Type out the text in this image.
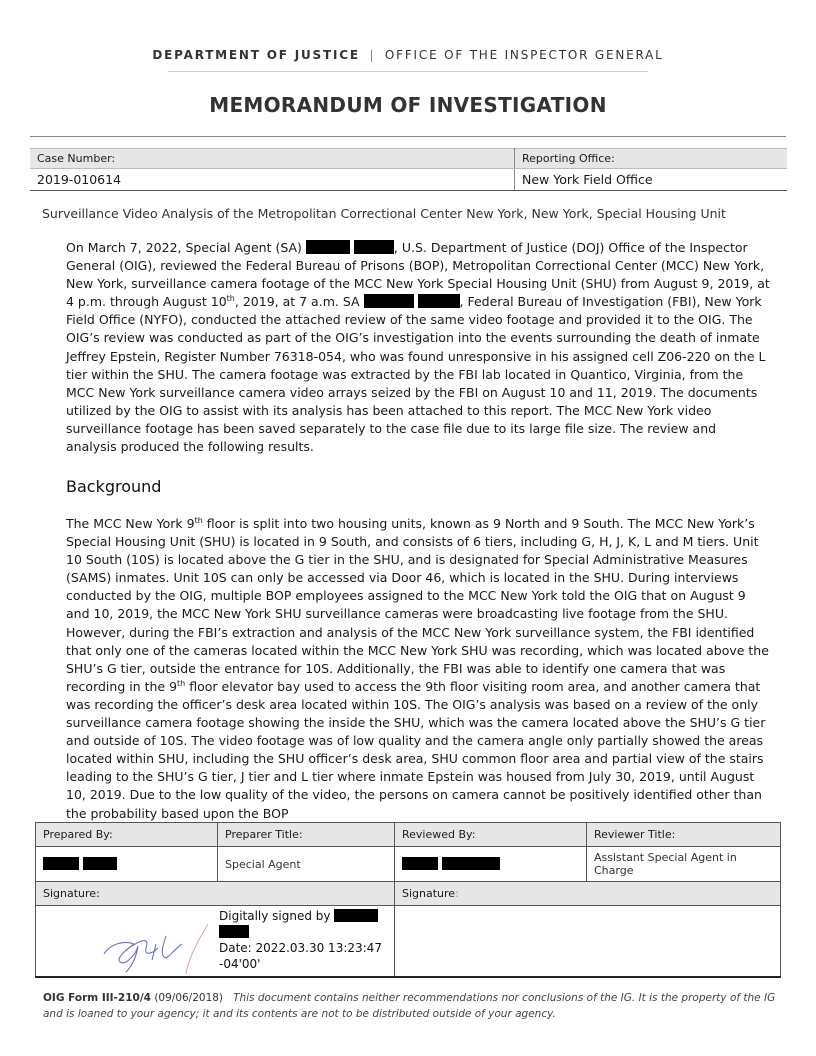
DEPARTMENT OF JUSTICE | OFFICE OF THE INSPECTOR GENERAL
MEMORANDUM OF INVESTIGATION
Case Number:	Reporting Office:
2019-010614	New York Field Office
Surveillance Video Analysis of the Metropolitan Correctional Center New York, New York, Special Housing Unit
On March 7, 2022, Special Agent (SA)	, U.S. Department of Justice (DOJ) Office of the Inspector General (OIG), reviewed the Federal Bureau of Prisons (BOP), Metropolitan Correctional Center (MCC) New York, New York, surveillance camera footage of the MCC New York Special Housing Unit (SHU) from August 9, 2019, at 4 p.m. through August 10th, 2019, at 7 a.m. SA	, Federal Bureau of Investigation (FBI), New York Field Office (NYFO), conducted the attached review of the same video footage and provided it to the OIG. The OIG’s review was conducted as part of the OIG’s investigation into the events surrounding the death of inmate Jeffrey Epstein, Register Number 76318-054, who was found unresponsive in his assigned cell Z06-220 on the L tier within the SHU. The camera footage was extracted by the FBI lab located in Quantico, Virginia, from the MCC New York surveillance camera video arrays seized by the FBI on August 10 and 11, 2019. The documents utilized by the OIG to assist with its analysis has been attached to this report. The MCC New York video surveillance footage has been saved separately to the case file due to its large file size. The review and analysis produced the following results.
Background
The MCC New York 9th floor is split into two housing units, known as 9 North and 9 South. The MCC New York’s Special Housing Unit (SHU) is located in 9 South, and consists of 6 tiers, including G, H, J, K, L and M tiers. Unit 10 South (10S) is located above the G tier in the SHU, and is designated for Special Administrative Measures (SAMS) inmates. Unit 10S can only be accessed via Door 46, which is located in the SHU. During interviews conducted by the OIG, multiple BOP employees assigned to the MCC New York told the OIG that on August 9 and 10, 2019, the MCC New York SHU surveillance cameras were broadcasting live footage from the SHU. However, during the FBI’s extraction and analysis of the MCC New York surveillance system, the FBI identified that only one of the cameras located within the MCC New York SHU was recording, which was located above the SHU’s G tier, outside the entrance for 10S. Additionally, the FBI was able to identify one camera that was recording in the 9th floor elevator bay used to access the 9th floor visiting room area, and another camera that was recording the officer’s desk area located within 10S. The OIG’s analysis was based on a review of the only surveillance camera footage showing the inside the SHU, which was the camera located above the SHU’s G tier and outside of 10S. The video footage was of low quality and the camera angle only partially showed the areas located within SHU, including the SHU officer’s desk area, SHU common floor area and partial view of the stairs leading to the SHU’s G tier, J tier and L tier where inmate Epstein was housed from July 30, 2019, until August 10, 2019. Due to the low quality of the video, the persons on camera cannot be positively identified other than the probability based upon the BOP
Prepared By:	Preparer Title:	Reviewed By:	Reviewer Title:
	Special Agent		Assistant Special Agent in Charge
Signature:		Signature:	

Digitally signed by
Date: 2022.03.30 13:23:47
-04'00'			

OIG Form III-210/4 (09/06/2018) This document contains neither recommendations nor conclusions of the IG. It is the property of the IG and is loaned to your agency; it and its contents are not to be distributed outside of your agency.
